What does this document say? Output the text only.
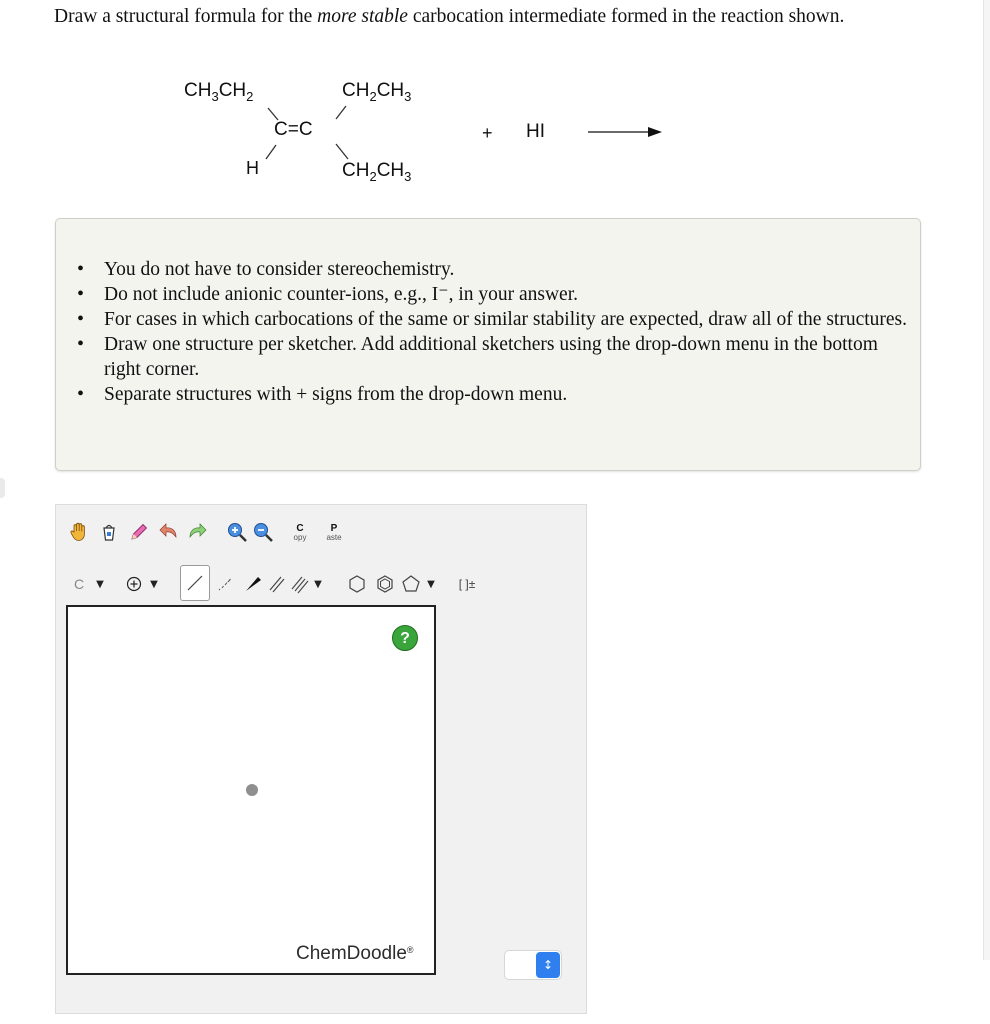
Draw a structural formula for the more stable carbocation intermediate formed in the reaction shown.
$CH_3CH_2$	$CH_2CH_3$
C=C
H	$CH_2CH_3$
+ HI
• You do not have to consider stereochemistry.
• Do not include anionic counter-ions, e.g., I⁻, in your answer.
• For cases in which carbocations of the same or similar stability are expected, draw all of the structures.
• Draw one structure per sketcher. Add additional sketchers using the drop-down menu in the bottom right corner.
• Separate structures with + signs from the drop-down menu.
C
opy
P
aste
C ▼	▼	▼	▼	[ ]±
?
ChemDoodle®
↕
